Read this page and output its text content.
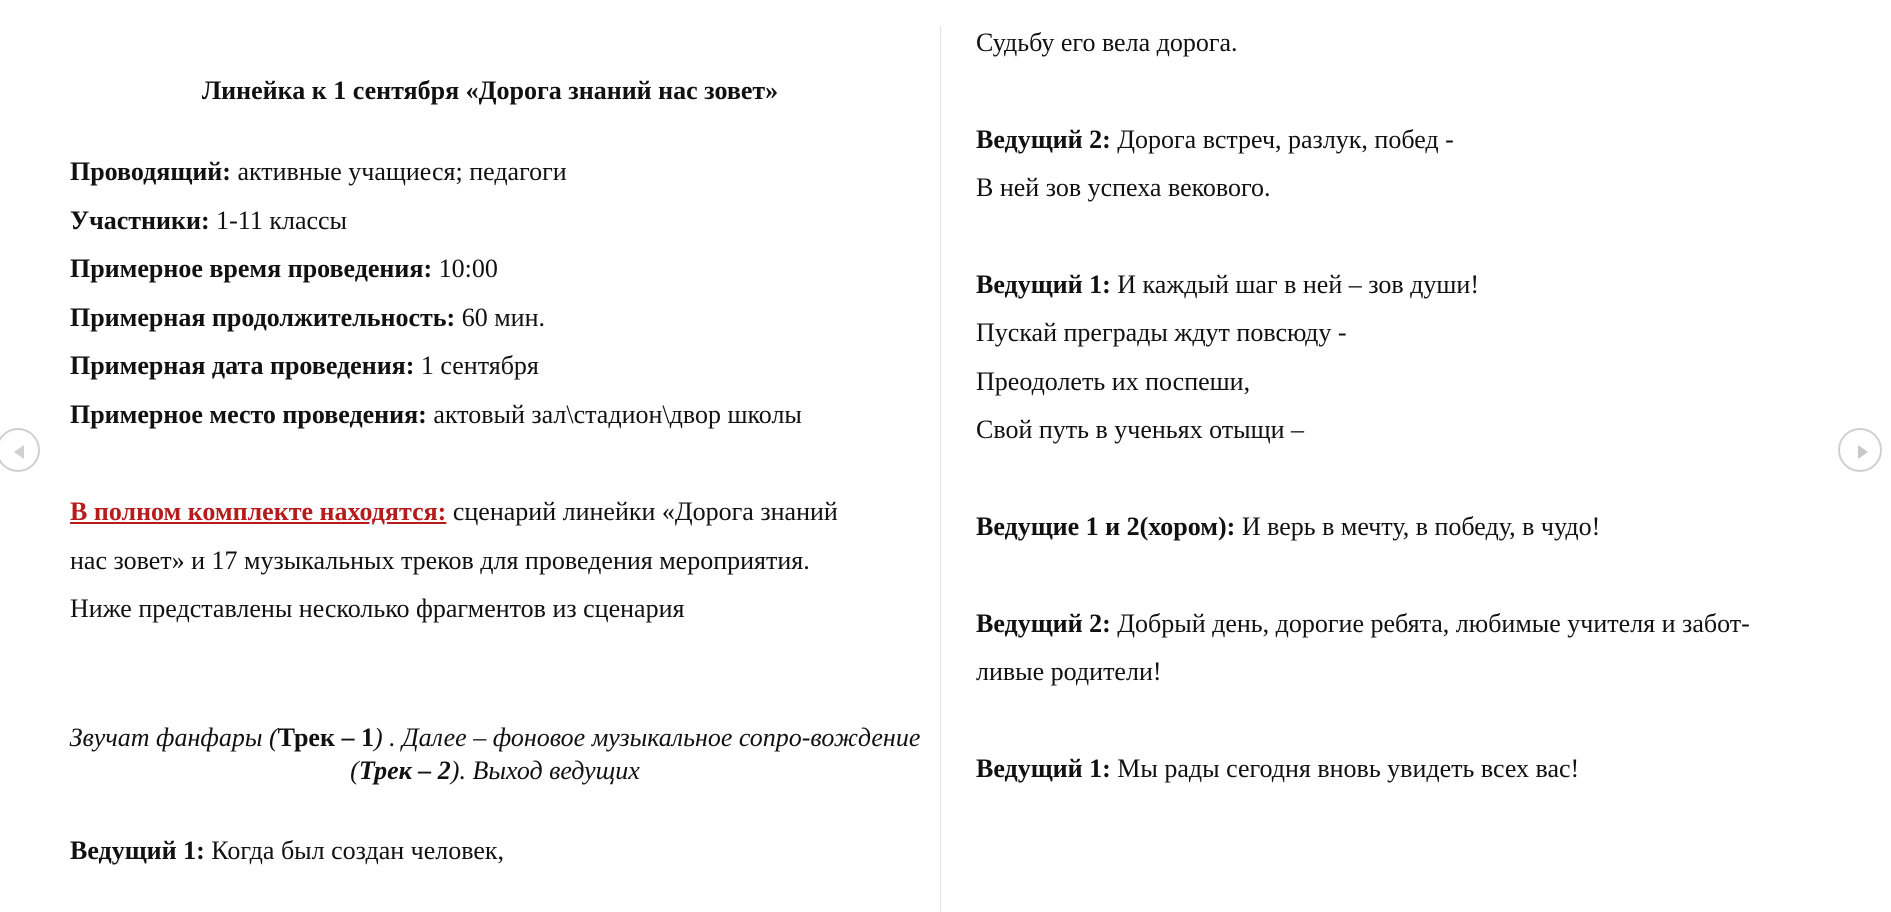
Линейка к 1 сентября «Дорога знаний нас зовет»
Проводящий: активные учащиеся; педагоги
Участники: 1-11 классы
Примерное время проведения: 10:00
Примерная продолжительность: 60 мин.
Примерная дата проведения: 1 сентября
Примерное место проведения: актовый зал\стадион\двор школы
В полном комплекте находятся: сценарий линейки «Дорога знаний
нас зовет» и 17 музыкальных треков для проведения мероприятия.
Ниже представлены несколько фрагментов из сценария
Звучат фанфары (Трек – 1) . Далее – фоновое музыкальное сопро-вождение (Трек – 2). Выход ведущих
Ведущий 1: Когда был создан человек,
Судьбу его вела дорога.
Ведущий 2: Дорога встреч, разлук, побед -
В ней зов успеха векового.
Ведущий 1: И каждый шаг в ней – зов души!
Пускай преграды ждут повсюду -
Преодолеть их поспеши,
Свой путь в ученьях отыщи –
Ведущие 1 и 2(хором): И верь в мечту, в победу, в чудо!
Ведущий 2: Добрый день, дорогие ребята, любимые учителя и забот-
ливые родители!
Ведущий 1: Мы рады сегодня вновь увидеть всех вас!
